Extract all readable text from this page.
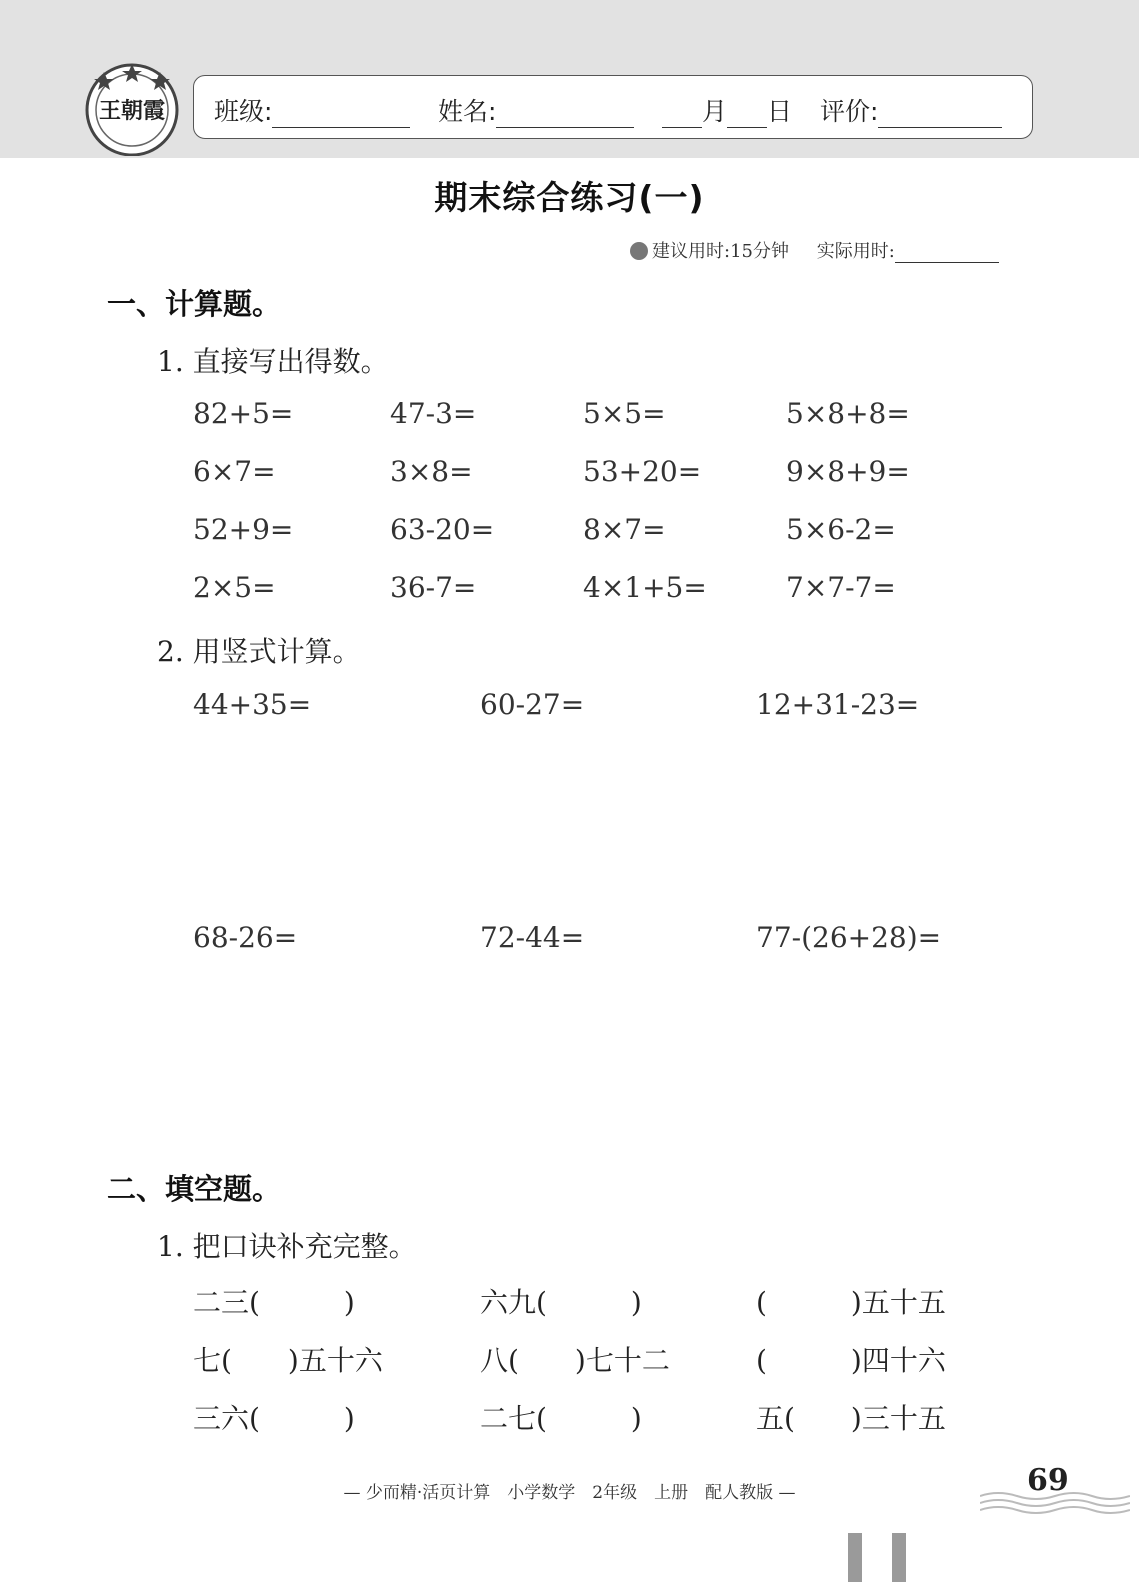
王朝霞 班级:	姓名:	月 日 评价:
期末综合练习(一)
建议用时:15分钟 实际用时:
一、计算题。
1. 直接写出得数。
82+5=	47-3=	5×5=	5×8+8=
6×7=	3×8=	53+20=	9×8+9=
52+9=	63-20=	8×7=	5×6-2=
2×5=	36-7=	4×1+5=	7×7-7=
2. 用竖式计算。
44+35=	60-27=	12+31-23=
68-26=	72-44=	77-(26+28)=
二、填空题。
1. 把口诀补充完整。
二三(　　　)	六九(　　　)	(　　　)五十五
七(　　)五十六	八(　　)七十二	(　　　)四十六
三六(　　　)	二七(　　　)	五(　　)三十五
— 少而精·活页计算　小学数学　2年级　上册　配人教版 —	69
